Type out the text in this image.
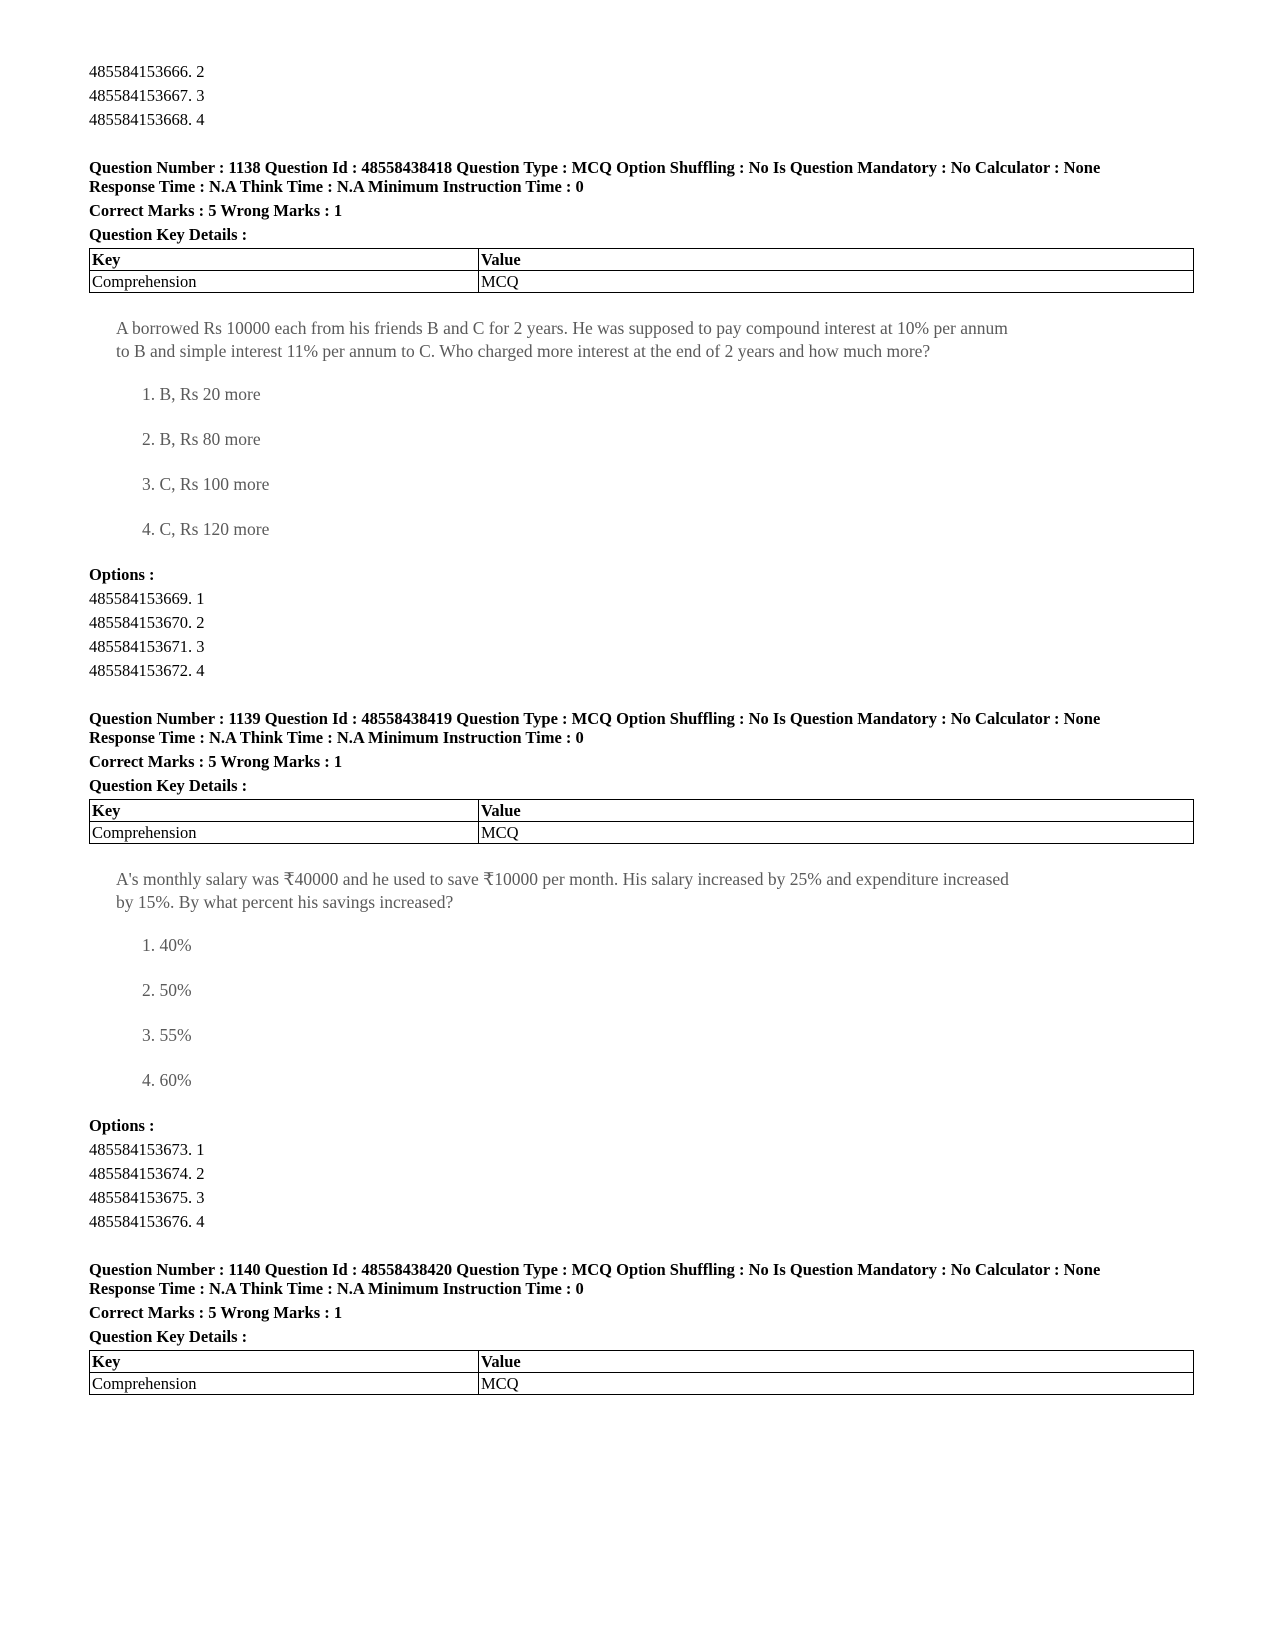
485584153666. 2
485584153667. 3
485584153668. 4
Question Number : 1138 Question Id : 48558438418 Question Type : MCQ Option Shuffling : No Is Question Mandatory : No Calculator : None
Response Time : N.A Think Time : N.A Minimum Instruction Time : 0
Correct Marks : 5 Wrong Marks : 1
Question Key Details :
Key	Value
Comprehension	MCQ
A borrowed Rs 10000 each from his friends B and C for 2 years. He was supposed to pay compound interest at 10% per annum to B and simple interest 11% per annum to C. Who charged more interest at the end of 2 years and how much more?
1. B, Rs 20 more
2. B, Rs 80 more
3. C, Rs 100 more
4. C, Rs 120 more
Options :
485584153669. 1
485584153670. 2
485584153671. 3
485584153672. 4
Question Number : 1139 Question Id : 48558438419 Question Type : MCQ Option Shuffling : No Is Question Mandatory : No Calculator : None
Response Time : N.A Think Time : N.A Minimum Instruction Time : 0
Correct Marks : 5 Wrong Marks : 1
Question Key Details :
Key	Value
Comprehension	MCQ
A's monthly salary was ₹40000 and he used to save ₹10000 per month. His salary increased by 25% and expenditure increased by 15%. By what percent his savings increased?
1. 40%
2. 50%
3. 55%
4. 60%
Options :
485584153673. 1
485584153674. 2
485584153675. 3
485584153676. 4
Question Number : 1140 Question Id : 48558438420 Question Type : MCQ Option Shuffling : No Is Question Mandatory : No Calculator : None
Response Time : N.A Think Time : N.A Minimum Instruction Time : 0
Correct Marks : 5 Wrong Marks : 1
Question Key Details :
Key	Value
Comprehension	MCQ
